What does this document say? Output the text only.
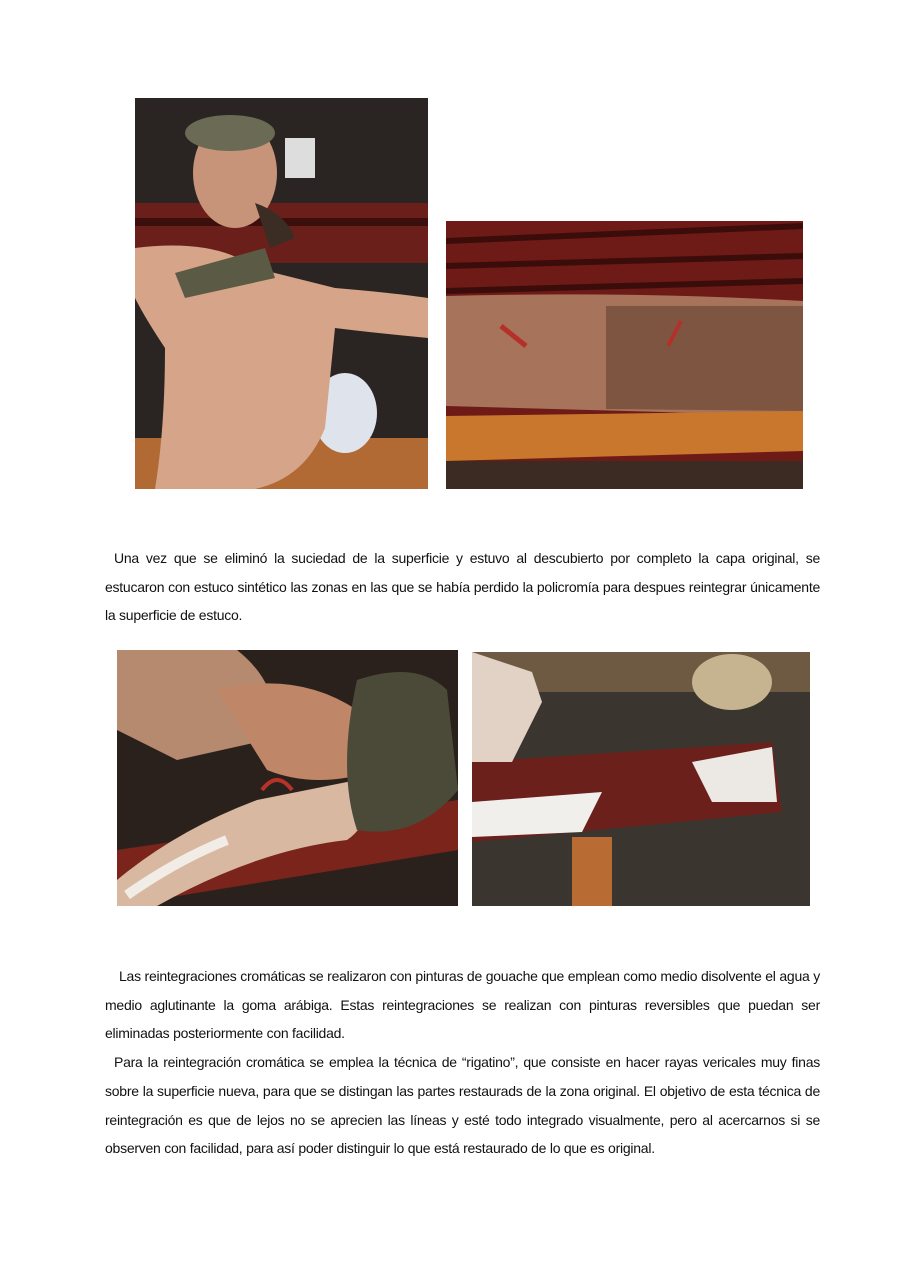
Una vez que se eliminó la suciedad de la superficie y estuvo al descubierto por completo la capa original, se estucaron con estuco sintético las zonas en las que se había perdido la policromía para despues reintegrar únicamente la superficie de estuco.

Las reintegraciones cromáticas se realizaron con pinturas de gouache que emplean como medio disolvente el agua y medio aglutinante la goma arábiga. Estas reintegraciones se realizan con pinturas reversibles que puedan ser eliminadas posteriormente con facilidad.

Para la reintegración cromática se emplea la técnica de “rigatino”, que consiste en hacer rayas vericales muy finas sobre la superficie nueva, para que se distingan las partes restaurads de la zona original. El objetivo de esta técnica de reintegración es que de lejos no se aprecien las líneas y esté todo integrado visualmente, pero al acercarnos si se observen con facilidad, para así poder distinguir lo que está restaurado de lo que es original.
